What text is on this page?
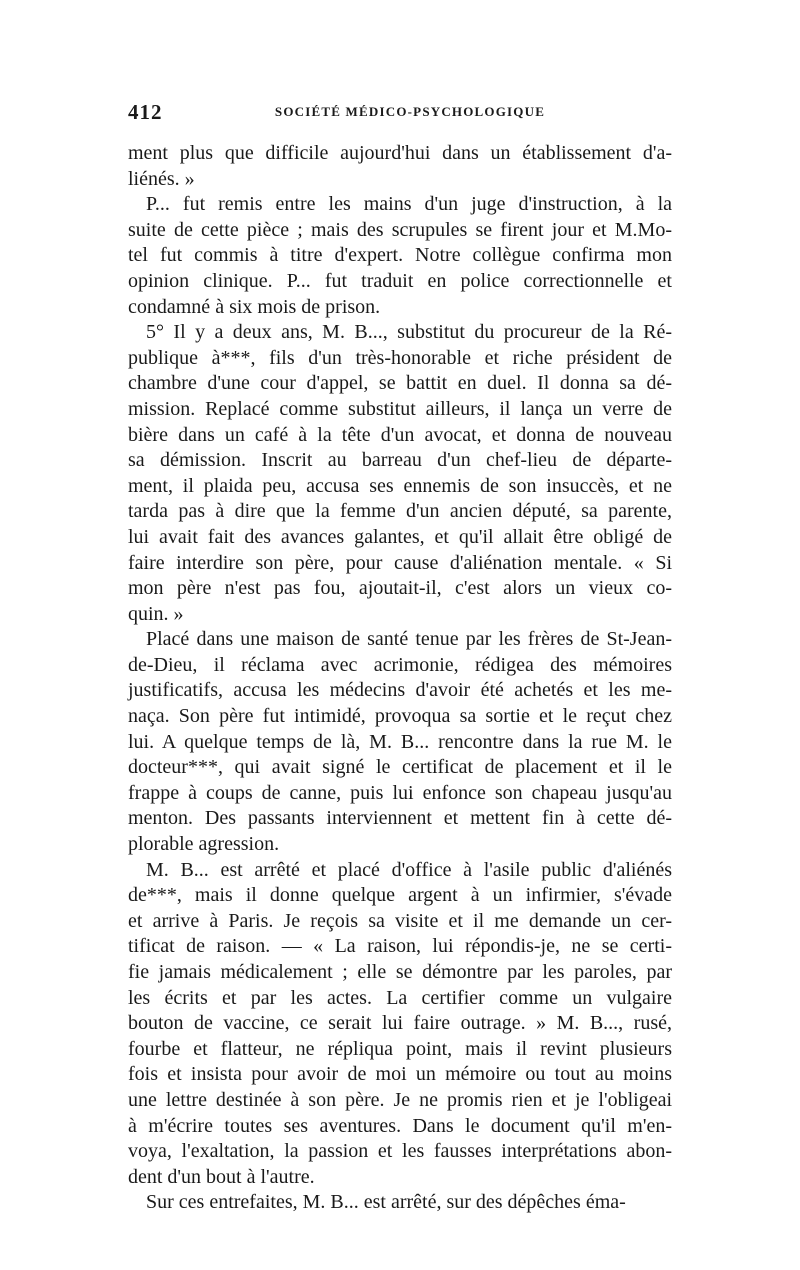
412	SOCIÉTÉ MÉDICO-PSYCHOLOGIQUE
ment plus que difficile aujourd'hui dans un établissement d'a-
liénés. »
P... fut remis entre les mains d'un juge d'instruction, à la
suite de cette pièce ; mais des scrupules se firent jour et M.Mo-
tel fut commis à titre d'expert. Notre collègue confirma mon
opinion clinique. P... fut traduit en police correctionnelle et
condamné à six mois de prison.
5° Il y a deux ans, M. B..., substitut du procureur de la Ré-
publique à***, fils d'un très-honorable et riche président de
chambre d'une cour d'appel, se battit en duel. Il donna sa dé-
mission. Replacé comme substitut ailleurs, il lança un verre de
bière dans un café à la tête d'un avocat, et donna de nouveau
sa démission. Inscrit au barreau d'un chef-lieu de départe-
ment, il plaida peu, accusa ses ennemis de son insuccès, et ne
tarda pas à dire que la femme d'un ancien député, sa parente,
lui avait fait des avances galantes, et qu'il allait être obligé de
faire interdire son père, pour cause d'aliénation mentale. « Si
mon père n'est pas fou, ajoutait-il, c'est alors un vieux co-
quin. »
Placé dans une maison de santé tenue par les frères de St-Jean-
de-Dieu, il réclama avec acrimonie, rédigea des mémoires
justificatifs, accusa les médecins d'avoir été achetés et les me-
naça. Son père fut intimidé, provoqua sa sortie et le reçut chez
lui. A quelque temps de là, M. B... rencontre dans la rue M. le
docteur***, qui avait signé le certificat de placement et il le
frappe à coups de canne, puis lui enfonce son chapeau jusqu'au
menton. Des passants interviennent et mettent fin à cette dé-
plorable agression.
M. B... est arrêté et placé d'office à l'asile public d'aliénés
de***, mais il donne quelque argent à un infirmier, s'évade
et arrive à Paris. Je reçois sa visite et il me demande un cer-
tificat de raison. — « La raison, lui répondis-je, ne se certi-
fie jamais médicalement ; elle se démontre par les paroles, par
les écrits et par les actes. La certifier comme un vulgaire
bouton de vaccine, ce serait lui faire outrage. » M. B..., rusé,
fourbe et flatteur, ne répliqua point, mais il revint plusieurs
fois et insista pour avoir de moi un mémoire ou tout au moins
une lettre destinée à son père. Je ne promis rien et je l'obligeai
à m'écrire toutes ses aventures. Dans le document qu'il m'en-
voya, l'exaltation, la passion et les fausses interprétations abon-
dent d'un bout à l'autre.
Sur ces entrefaites, M. B... est arrêté, sur des dépêches éma-
